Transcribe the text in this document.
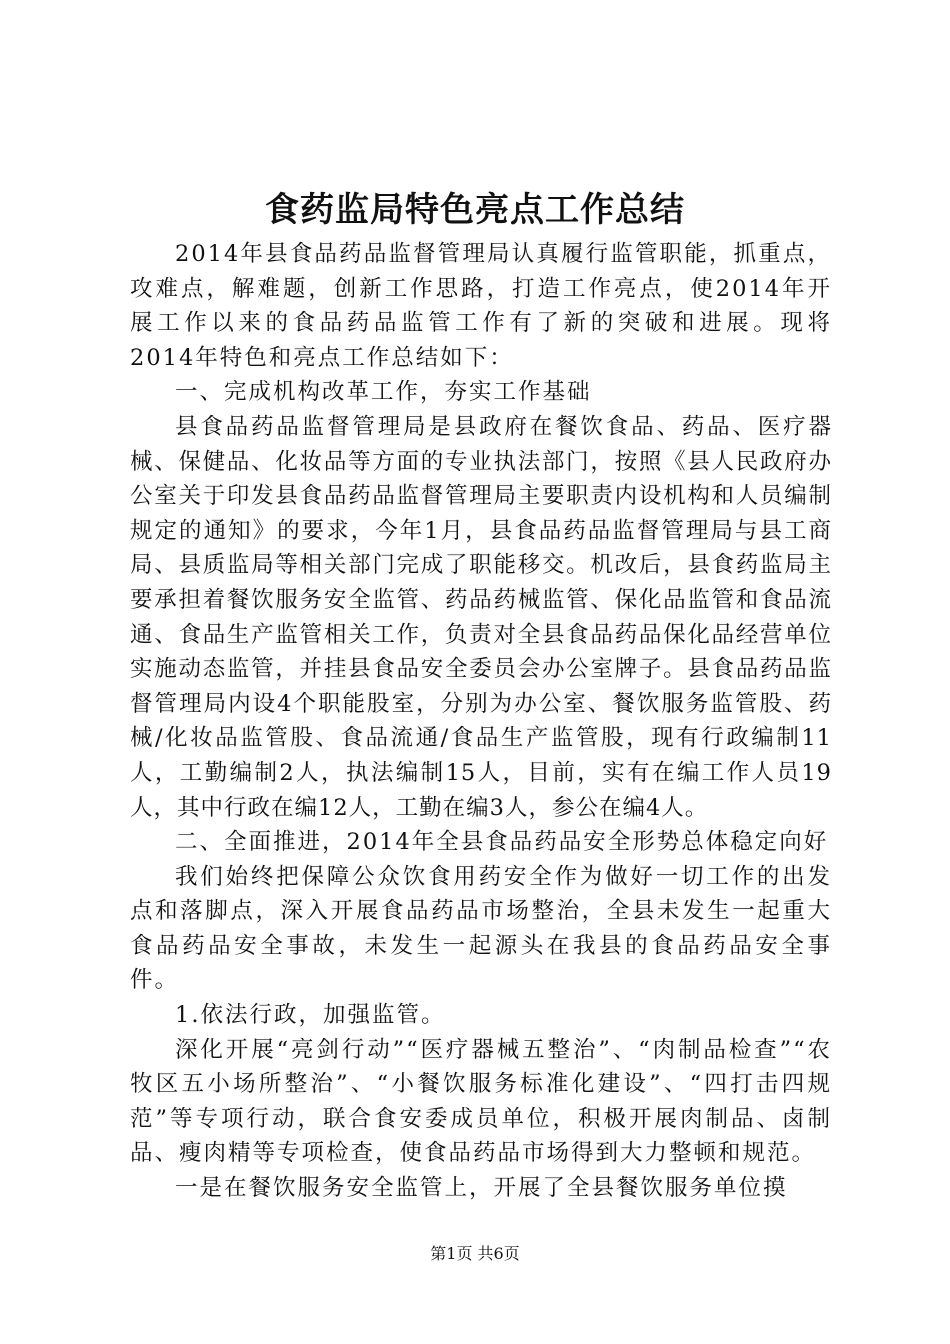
食药监局特色亮点工作总结

2014年县食品药品监督管理局认真履行监管职能，抓重点，攻难点，解难题，创新工作思路，打造工作亮点，使2014年开展工作以来的食品药品监管工作有了新的突破和进展。现将2014年特色和亮点工作总结如下：

一、完成机构改革工作，夯实工作基础

县食品药品监督管理局是县政府在餐饮食品、药品、医疗器械、保健品、化妆品等方面的专业执法部门，按照《县人民政府办公室关于印发县食品药品监督管理局主要职责内设机构和人员编制规定的通知》的要求，今年1月，县食品药品监督管理局与县工商局、县质监局等相关部门完成了职能移交。机改后，县食药监局主要承担着餐饮服务安全监管、药品药械监管、保化品监管和食品流通、食品生产监管相关工作，负责对全县食品药品保化品经营单位实施动态监管，并挂县食品安全委员会办公室牌子。县食品药品监督管理局内设4个职能股室，分别为办公室、餐饮服务监管股、药械/化妆品监管股、食品流通/食品生产监管股，现有行政编制11人，工勤编制2人，执法编制15人，目前，实有在编工作人员19人，其中行政在编12人，工勤在编3人，参公在编4人。

二、全面推进，2014年全县食品药品安全形势总体稳定向好

我们始终把保障公众饮食用药安全作为做好一切工作的出发点和落脚点，深入开展食品药品市场整治，全县未发生一起重大食品药品安全事故，未发生一起源头在我县的食品药品安全事件。

1.依法行政，加强监管。

深化开展“亮剑行动”“医疗器械五整治”、“肉制品检查”“农牧区五小场所整治”、“小餐饮服务标准化建设”、“四打击四规范”等专项行动，联合食安委成员单位，积极开展肉制品、卤制品、瘦肉精等专项检查，使食品药品市场得到大力整顿和规范。

一是在餐饮服务安全监管上，开展了全县餐饮服务单位摸

第1页 共6页
